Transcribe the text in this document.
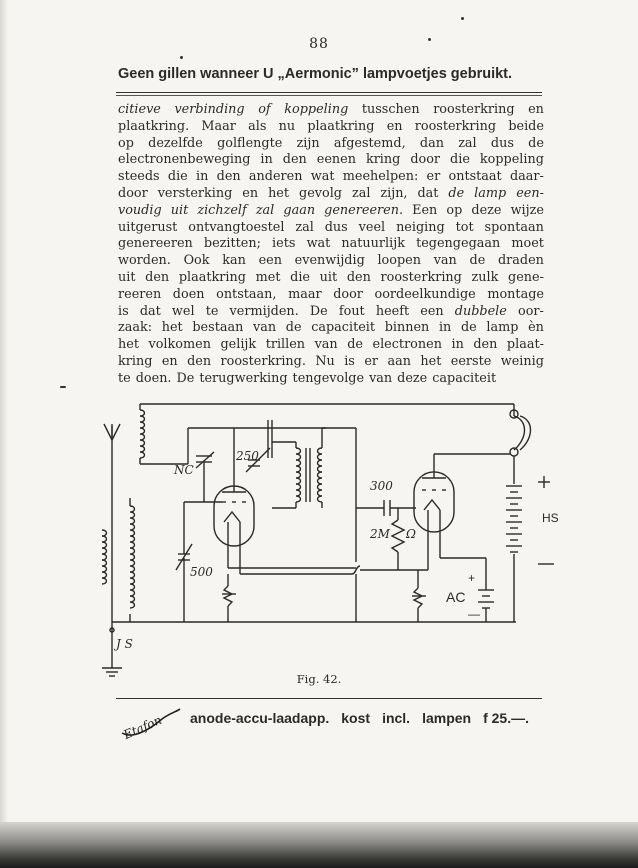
88
Geen gillen wanneer U „Aermonic” lampvoetjes gebruikt.
citieve verbinding of koppeling tusschen roosterkring en
plaatkring. Maar als nu plaatkring en roosterkring beide
op dezelfde golflengte zijn afgestemd, dan zal dus de
electronenbeweging in den eenen kring door die koppeling
steeds die in den anderen wat meehelpen: er ontstaat daar-
door versterking en het gevolg zal zijn, dat de lamp een-
voudig uit zichzelf zal gaan genereeren. Een op deze wijze
uitgerust ontvangtoestel zal dus veel neiging tot spontaan
genereeren bezitten; iets wat natuurlijk tegengegaan moet
worden. Ook kan een evenwijdig loopen van de draden
uit den plaatkring met die uit den roosterkring zulk gene-
reeren doen ontstaan, maar door oordeelkundige montage
is dat wel te vermijden. De fout heeft een dubbele oor-
zaak: het bestaan van de capaciteit binnen in de lamp èn
het volkomen gelijk trillen van de electronen in den plaat-
kring en den roosterkring. Nu is er aan het eerste weinig
te doen. De terugwerking tengevolge van deze capaciteit
NC
250
300
2M Ω
500
J S
HS
+
AC
—
Fig. 42.
Etafon anode-accu-laadapp. kost incl. lampen f 25.—.
